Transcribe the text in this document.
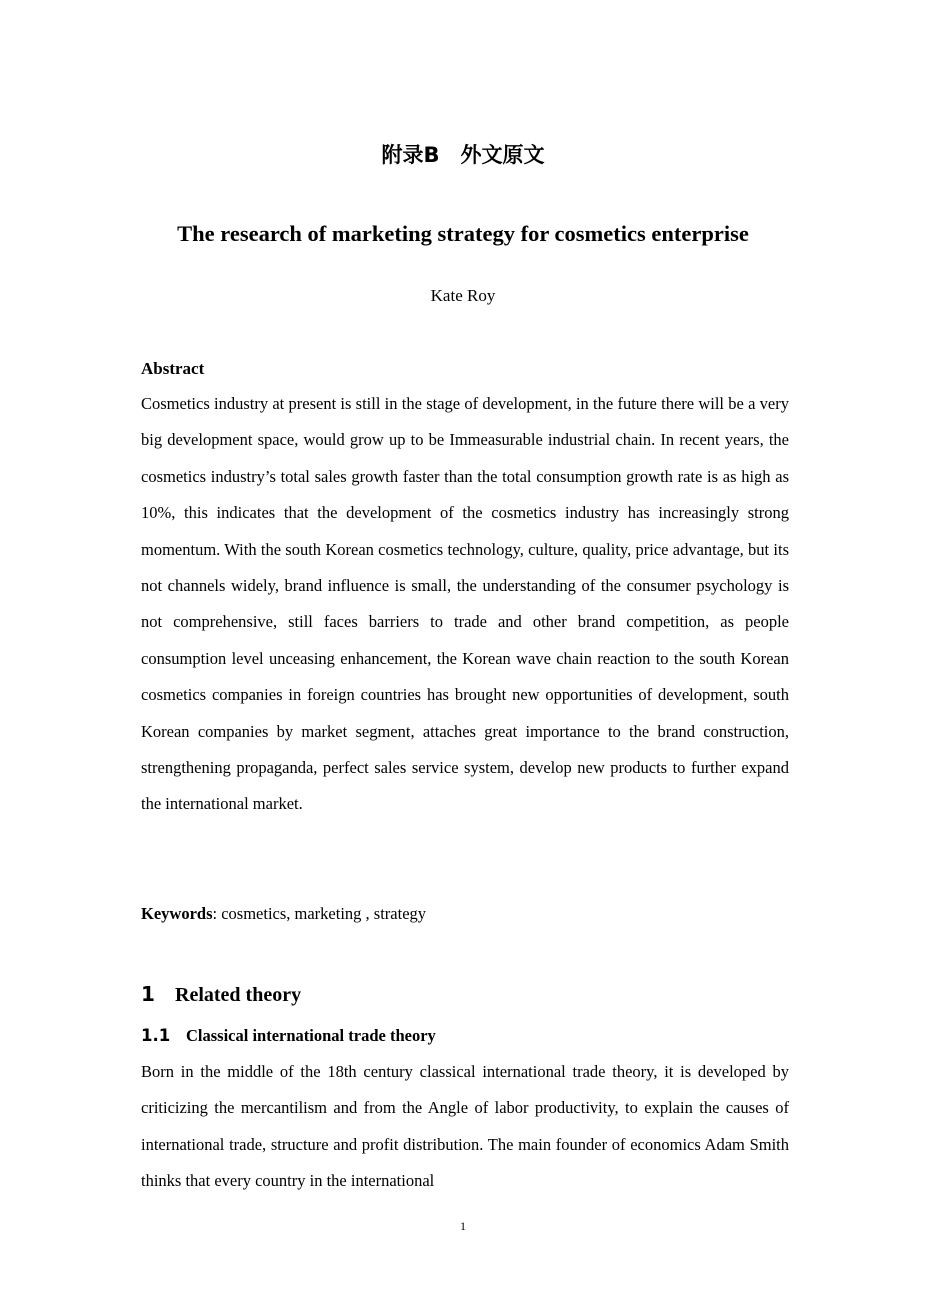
附录B　外文原文
The research of marketing strategy for cosmetics enterprise
Kate Roy
Abstract

Cosmetics industry at present is still in the stage of development, in the future there will be a very big development space, would grow up to be Immeasurable industrial chain. In recent years, the cosmetics industry’s total sales growth faster than the total consumption growth rate is as high as 10%, this indicates that the development of the cosmetics industry has increasingly strong momentum. With the south Korean cosmetics technology, culture, quality, price advantage, but its not channels widely, brand influence is small, the understanding of the consumer psychology is not comprehensive, still faces barriers to trade and other brand competition, as people consumption level unceasing enhancement, the Korean wave chain reaction to the south Korean cosmetics companies in foreign countries has brought new opportunities of development, south Korean companies by market segment, attaches great importance to the brand construction, strengthening propaganda, perfect sales service system, develop new products to further expand the international market.

Keywords: cosmetics, marketing , strategy
1 Related theory
1.1 Classical international trade theory

Born in the middle of the 18th century classical international trade theory, it is developed by criticizing the mercantilism and from the Angle of labor productivity, to explain the causes of international trade, structure and profit distribution. The main founder of economics Adam Smith thinks that every country in the international

1
